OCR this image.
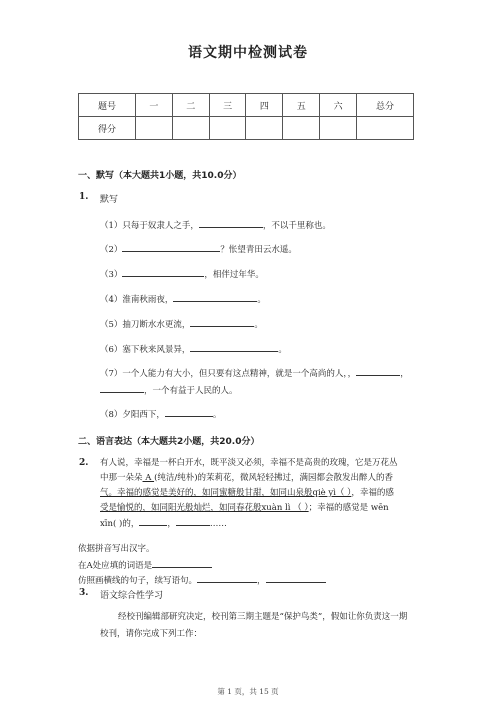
语文期中检测试卷
题号	一	二	三	四	五	六	总分
得分							
一、默写（本大题共1小题，共10.0分）
1. 默写
（1）只每于奴隶人之手，	，不以千里称也。
（2）	？怅望青田云水遥。
（3）	，相伴过年华。
（4）淮南秋雨夜，	。
（5）抽刀断水水更流，	。
（6）塞下秋来风景异，	。
（7）一个人能力有大小，但只要有这点精神，就是一个高尚的人，，	，
，一个有益于人民的人。
（8）夕阳西下，	。
二、语言表达（本大题共2小题，共20.0分）
2. 有人说，幸福是一杯白开水，既平淡又必须，幸福不是高贵的玫瑰，它是万花丛
中那一朵朵 A (纯洁/纯朴)的茉莉花，微风轻轻拂过，满园都会散发出醉人的香
气。幸福的感觉是美好的，如同蜜糖般甘甜，如同山泉般qiè yì（ ），幸福的感
受是愉悦的，如同阳光般灿烂，如同春花般xuàn lì （ ）；幸福的感觉是 wēn
xīn( )的，	，	……
依据拼音写出汉字。
在A处应填的词语是
仿照画横线的句子，续写语句。	，
3. 语文综合性学习
经校刊编辑部研究决定，校刊第三期主题是“保护鸟类”，假如让你负责这一期
校刊，请你完成下列工作：
第 1 页，共 15 页
